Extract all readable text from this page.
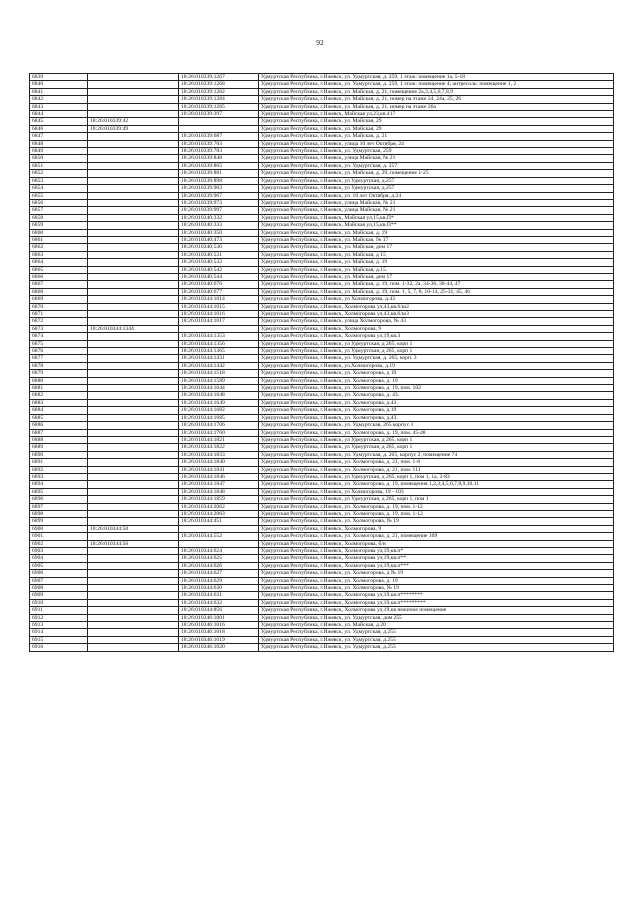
92
6839		18:26:010339:1267	Удмуртская Республика, г.Ижевск, ул. Удмуртская, д. 259, 1 этаж: помещение 1а, 5-18
6840		18:26:010339:1268	Удмуртская Республика, г.Ижевск, ул. Удмуртская, д. 259, 1 этаж: помещение 4; антресоль: помещение 1, 2
6841		18:26:010339:1282	Удмуртская Республика, г.Ижевск, ул. Майская, д. 21, помещение 2а,3,4,5,6,7,8,9
6842		18:26:010339:1284	Удмуртская Республика, г.Ижевск, ул. Майская, д. 21, номер на этаже 24, 24а, 25, 26
6843		18:26:010339:1285	Удмуртская Республика, г.Ижевск, ул. Майская, д. 21, номер на этаже 26а
6844		18:26:010339:397	Удмуртская Республика, г.Ижевск, Майская ул,23,кв.417
6845	18:26:010339:42		Удмуртская Республика, г.Ижевск, ул. Майская, 29
6846	18:26:010339:49		Удмуртская Республика, г.Ижевск, ул. Майская, 29
6847		18:26:010339:687	Удмуртская Республика, г.Ижевск, ул. Майская, д. 21
6848		18:26:010339:703	Удмуртская Республика, г.Ижевск, улица 10 лет Октября, 24
6849		18:26:010339:783	Удмуртская Республика, г.Ижевск, ул. Удмуртская, 259
6850		18:26:010339:848	Удмуртская Республика, г.Ижевск, улица Майская, № 21
6851		18:26:010339:865	Удмуртская Республика, г.Ижевск, ул. Удмуртская, д. 257
6852		18:26:010339:881	Удмуртская Республика, г.Ижевск, ул. Майская, д. 29, помещение 1-25
6853		18:26:010339:898	Удмуртская Республика, г.Ижевск, ул Удмуртская, д.257
6854		18:26:010339:903	Удмуртская Республика, г.Ижевск, ул Удмуртская, д.257
6855		18:26:010339:967	Удмуртская Республика, г.Ижевск, ул. 10 лет Октября, д.24
6856		18:26:010339:973	Удмуртская Республика, г.Ижевск, улица Майская, № 21
6857		18:26:010339:997	Удмуртская Республика, г.Ижевск, улица Майская, № 21
6858		18:26:010340:332	Удмуртская Республика, г.Ижевск, Майская ул,15,кв.П*
6859		18:26:010340:333	Удмуртская Республика, г.Ижевск, Майская ул,15,кв.П**
6860		18:26:010340:350	Удмуртская Республика, г.Ижевск, ул. Майская, д. 19
6861		18:26:010340:473	Удмуртская Республика, г.Ижевск, ул. Майская, № 17
6862		18:26:010340:530	Удмуртская Республика, г.Ижевск, ул. Майская, дом 17
6863		18:26:010340:531	Удмуртская Республика, г.Ижевск, ул. Майская, д 15
6864		18:26:010340:532	Удмуртская Республика, г.Ижевск, ул. Майская, д. 19
6865		18:26:010340:542	Удмуртская Республика, г.Ижевск, ул. Майская, д.15.
6866		18:26:010340:544	Удмуртская Республика, г.Ижевск, ул. Майская, дом 17
6867		18:26:010340:676	Удмуртская Республика, г.Ижевск, ул. Майская, д. 19, пом. 1-32, 2а, 34-36, 38-44, 47
6868		18:26:010340:677	Удмуртская Республика, г.Ижевск, ул. Майская, д. 19, пом. 1, 5, 7, 8, 10-14, 25-31, 45, 46
6869		18:26:010344:1014	Удмуртская Республика, г.Ижевск, ул Холмогорова, д.43
6870		18:26:010344:1015	Удмуртская Республика, г.Ижевск, Холмогорова ул,43,кв.6/ш2
6871		18:26:010344:1016	Удмуртская Республика, г.Ижевск, Холмогорова ул,43,кв.6/ш3
6872		18:26:010344:1017	Удмуртская Республика, г.Ижевск, улица Холмогорова, № 43
6873	18:26:010344:1344		Удмуртская Республика, г.Ижевск, Холмогорова, 9
6874		18:26:010344:1353	Удмуртская Республика, г.Ижевск, Холмогорова ул,19,кв.3
6875		18:26:010344:1356	Удмуртская Республика, г.Ижевск, ул Удмуртская, д 265, корп 1
6876		18:26:010344:1365	Удмуртская Республика, г.Ижевск, ул Удмуртская, д 265, корп 1
6877		18:26:010344:1431	Удмуртская Республика, г.Ижевск, ул. Удмуртская, д. 265, корп. 3
6878		18:26:010344:1442	Удмуртская Республика, г.Ижевск, ул.Холмогорова, д.19
6879		18:26:010344:1518	Удмуртская Республика, г.Ижевск, ул. Холмогорова, д 19
6880		18:26:010344:1589	Удмуртская Республика, г.Ижевск, ул. Холмогорова, д. 19
6881		18:26:010344:1644	Удмуртская Республика, г.Ижевск, ул. Холмогорова, д. 19, пом. 102
6882		18:26:010344:1648	Удмуртская Республика, г.Ижевск, ул. Холмогорова, д. 43.
6883		18:26:010344:1649	Удмуртская Республика, г.Ижевск, ул. Холмогорова, д.43.
6884		18:26:010344:1682	Удмуртская Республика, г.Ижевск, ул. Холмогорова, д.19
6885		18:26:010344:1685	Удмуртская Республика, г.Ижевск, ул. Холмогорова, д.43.
6886		18:26:010344:1706	Удмуртская Республика, г.Ижевск, ул. Удмуртская, 265 корпус 1
6887		18:26:010344:1760	Удмуртская Республика, г.Ижевск, ул. Холмогорова, д. 19, пом. 45-48
6888		18:26:010344:1821	Удмуртская Республика, г.Ижевск, ул Удмуртская, д 265, корп 1
6889		18:26:010344:1822	Удмуртская Республика, г.Ижевск, ул Удмуртская, д 265, корп 1
6890		18:26:010344:1833	Удмуртская Республика, г.Ижевск, ул. Удмуртская, д. 265, корпус 2, помещение 74
6891		18:26:010344:1840	Удмуртская Республика, г.Ижевск, ул. Холмогорова, д. 21, пом. 1-8
6892		18:26:010344:1841	Удмуртская Республика, г.Ижевск, ул. Холмогорова, д. 21, пом. 111
6893		18:26:010344:1846	Удмуртская Республика, г.Ижевск, ул Удмуртская, д 265, корп 1, пом 1, 1а, 2-83
6894		18:26:010344:1847	Удмуртская Республика, г.Ижевск, ул. Холмогорова, д. 19, помещения 1,2,3,4,5,6,7,8,9,10,11
6895		18:26:010344:1848	Удмуртская Республика, г.Ижевск, ул Холмогорова, 19 - 103
6896		18:26:010344:1859	Удмуртская Республика, г.Ижевск, ул Удмуртская, д 265, корп 1, пом 1
6897		18:26:010344:2062	Удмуртская Республика, г.Ижевск, ул. Холмогорова, д. 19, пом. 1-12
6898		18:26:010344:2063	Удмуртская Республика, г.Ижевск, ул. Холмогорова, д. 19, пом. 1-12
6899		18:26:010344:451	Удмуртская Республика, г.Ижевск, ул. Холмогорова, № 19
6900	18:26:010344:50		Удмуртская Республика, г.Ижевск, Холмогорова, 9
6901		18:26:010344:552	Удмуртская Республика, г.Ижевск, ул. Холмогорова, д. 21, помещение 109
6902	18:26:010344:56		Удмуртская Республика, г.Ижевск, Холмогорова, б/н
6903		18:26:010344:624	Удмуртская Республика, г.Ижевск, Холмогорова ул,19,кв.п*
6904		18:26:010344:625	Удмуртская Республика, г.Ижевск, Холмогорова ул,19,кв.п**
6905		18:26:010344:626	Удмуртская Республика, г.Ижевск, Холмогорова ул,19,кв.п***
6906		18:26:010344:627	Удмуртская Республика, г.Ижевск, ул. Холмогорова, д № 19
6907		18:26:010344:629	Удмуртская Республика, г.Ижевск, ул. Холмогорова, д. 19
6908		18:26:010344:630	Удмуртская Республика, г.Ижевск, ул. Холмогорова, № 19
6909		18:26:010344:631	Удмуртская Республика, г.Ижевск, Холмогорова ул,19,кв.п********
6910		18:26:010344:632	Удмуртская Республика, г.Ижевск, Холмогорова ул,19,кв.п*********
6911		18:26:010344:856	Удмуртская Республика, г.Ижевск, Холмогорова ул,19,кв нежилое помещение
6912		18:26:010346:1001	Удмуртская Республика, г.Ижевск, ул. Удмуртская, дом 255
6913		18:26:010346:1016	Удмуртская Республика, г.Ижевск, ул. Майская, д.20
6914		18:26:010346:1018	Удмуртская Республика, г.Ижевск, ул. Удмуртская, д.255
6915		18:26:010346:1019	Удмуртская Республика, г.Ижевск, ул. Удмуртская, д.255
6916		18:26:010346:1020	Удмуртская Республика, г.Ижевск, ул. Удмуртская, д.255
